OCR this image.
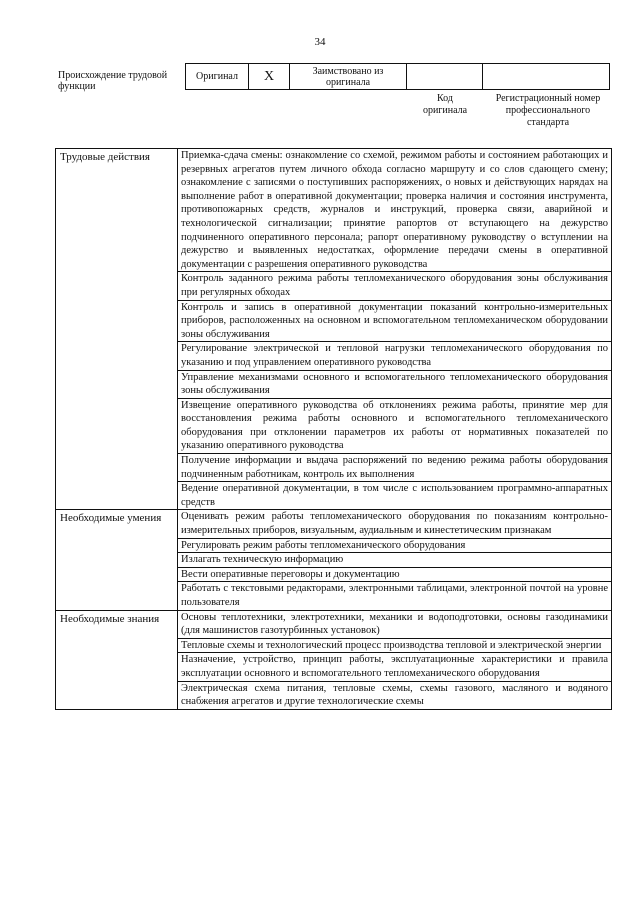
34
Происхождение трудовой функции
Оригинал	X	Заимствовано из оригинала		
Код оригинала
Регистрационный номер профессионального стандарта
Трудовые действия	Приемка-сдача смены: ознакомление со схемой, режимом работы и состоянием работающих и резервных агрегатов путем личного обхода согласно маршруту и со слов сдающего смену; ознакомление с записями о поступивших распоряжениях, о новых и действующих нарядах на выполнение работ в оперативной документации; проверка наличия и состояния инструмента, противопожарных средств, журналов и инструкций, проверка связи, аварийной и технологической сигнализации; принятие рапортов от вступающего на дежурство подчиненного оперативного персонала; рапорт оперативному руководству о вступлении на дежурство и выявленных недостатках, оформление передачи смены в оперативной документации с разрешения оперативного руководства
	Контроль заданного режима работы тепломеханического оборудования зоны обслуживания при регулярных обходах
	Контроль и запись в оперативной документации показаний контрольно-измерительных приборов, расположенных на основном и вспомогательном тепломеханическом оборудовании зоны обслуживания
	Регулирование электрической и тепловой нагрузки тепломеханического оборудования по указанию и под управлением оперативного руководства
	Управление механизмами основного и вспомогательного тепломеханического оборудования зоны обслуживания
	Извещение оперативного руководства об отклонениях режима работы, принятие мер для восстановления режима работы основного и вспомогательного тепломеханического оборудования при отклонении параметров их работы от нормативных показателей по указанию оперативного руководства
	Получение информации и выдача распоряжений по ведению режима работы оборудования подчиненным работникам, контроль их выполнения
	Ведение оперативной документации, в том числе с использованием программно-аппаратных средств
Необходимые умения	Оценивать режим работы тепломеханического оборудования по показаниям контрольно-измерительных приборов, визуальным, аудиальным и кинестетическим признакам
	Регулировать режим работы тепломеханического оборудования
	Излагать техническую информацию
	Вести оперативные переговоры и документацию
	Работать с текстовыми редакторами, электронными таблицами, электронной почтой на уровне пользователя
Необходимые знания	Основы теплотехники, электротехники, механики и водоподготовки, основы газодинамики (для машинистов газотурбинных установок)
	Тепловые схемы и технологический процесс производства тепловой и электрической энергии
	Назначение, устройство, принцип работы, эксплуатационные характеристики и правила эксплуатации основного и вспомогательного тепломеханического оборудования
	Электрическая схема питания, тепловые схемы, схемы газового, масляного и водяного снабжения агрегатов и другие технологические схемы
